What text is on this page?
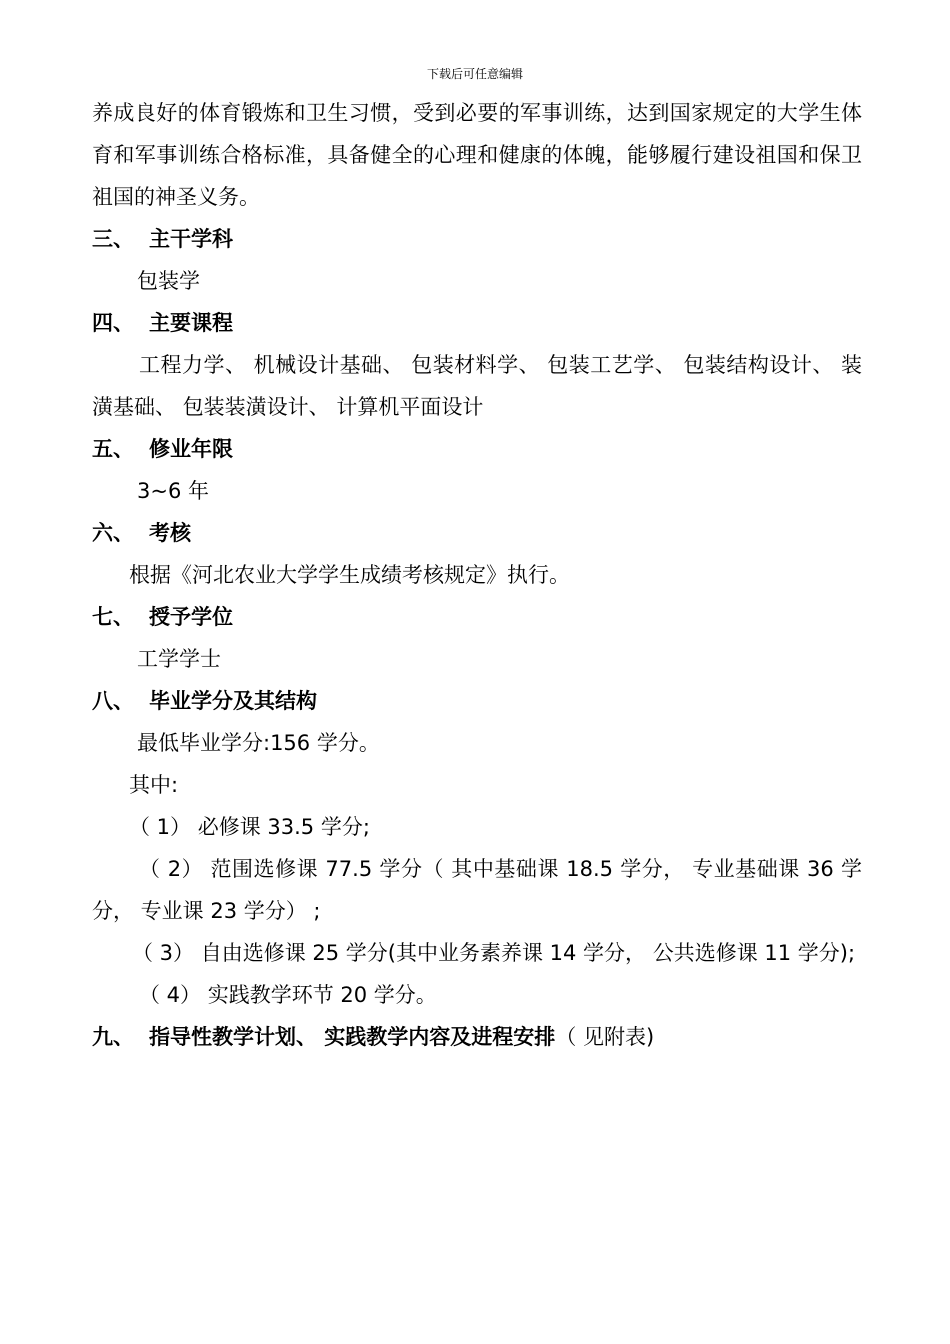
下载后可任意编辑
养成良好的体育锻炼和卫生习惯，受到必要的军事训练，达到国家规定的大学生体育和军事训练合格标准，具备健全的心理和健康的体魄，能够履行建设祖国和保卫祖国的神圣义务。
三、 主干学科
包装学
四、 主要课程
工程力学、 机械设计基础、 包装材料学、 包装工艺学、 包装结构设计、 装潢基础、 包装装潢设计、 计算机平面设计
五、 修业年限
3~6 年
六、 考核
根据《河北农业大学学生成绩考核规定》执行。
七、 授予学位
工学学士
八、 毕业学分及其结构
最低毕业学分:156 学分。
其中:
（ 1） 必修课 33.5 学分;
（ 2） 范围选修课 77.5 学分（ 其中基础课 18.5 学分， 专业基础课 36 学分， 专业课 23 学分） ;
（ 3） 自由选修课 25 学分(其中业务素养课 14 学分， 公共选修课 11 学分);
（ 4） 实践教学环节 20 学分。
九、 指导性教学计划、 实践教学内容及进程安排（ 见附表)
